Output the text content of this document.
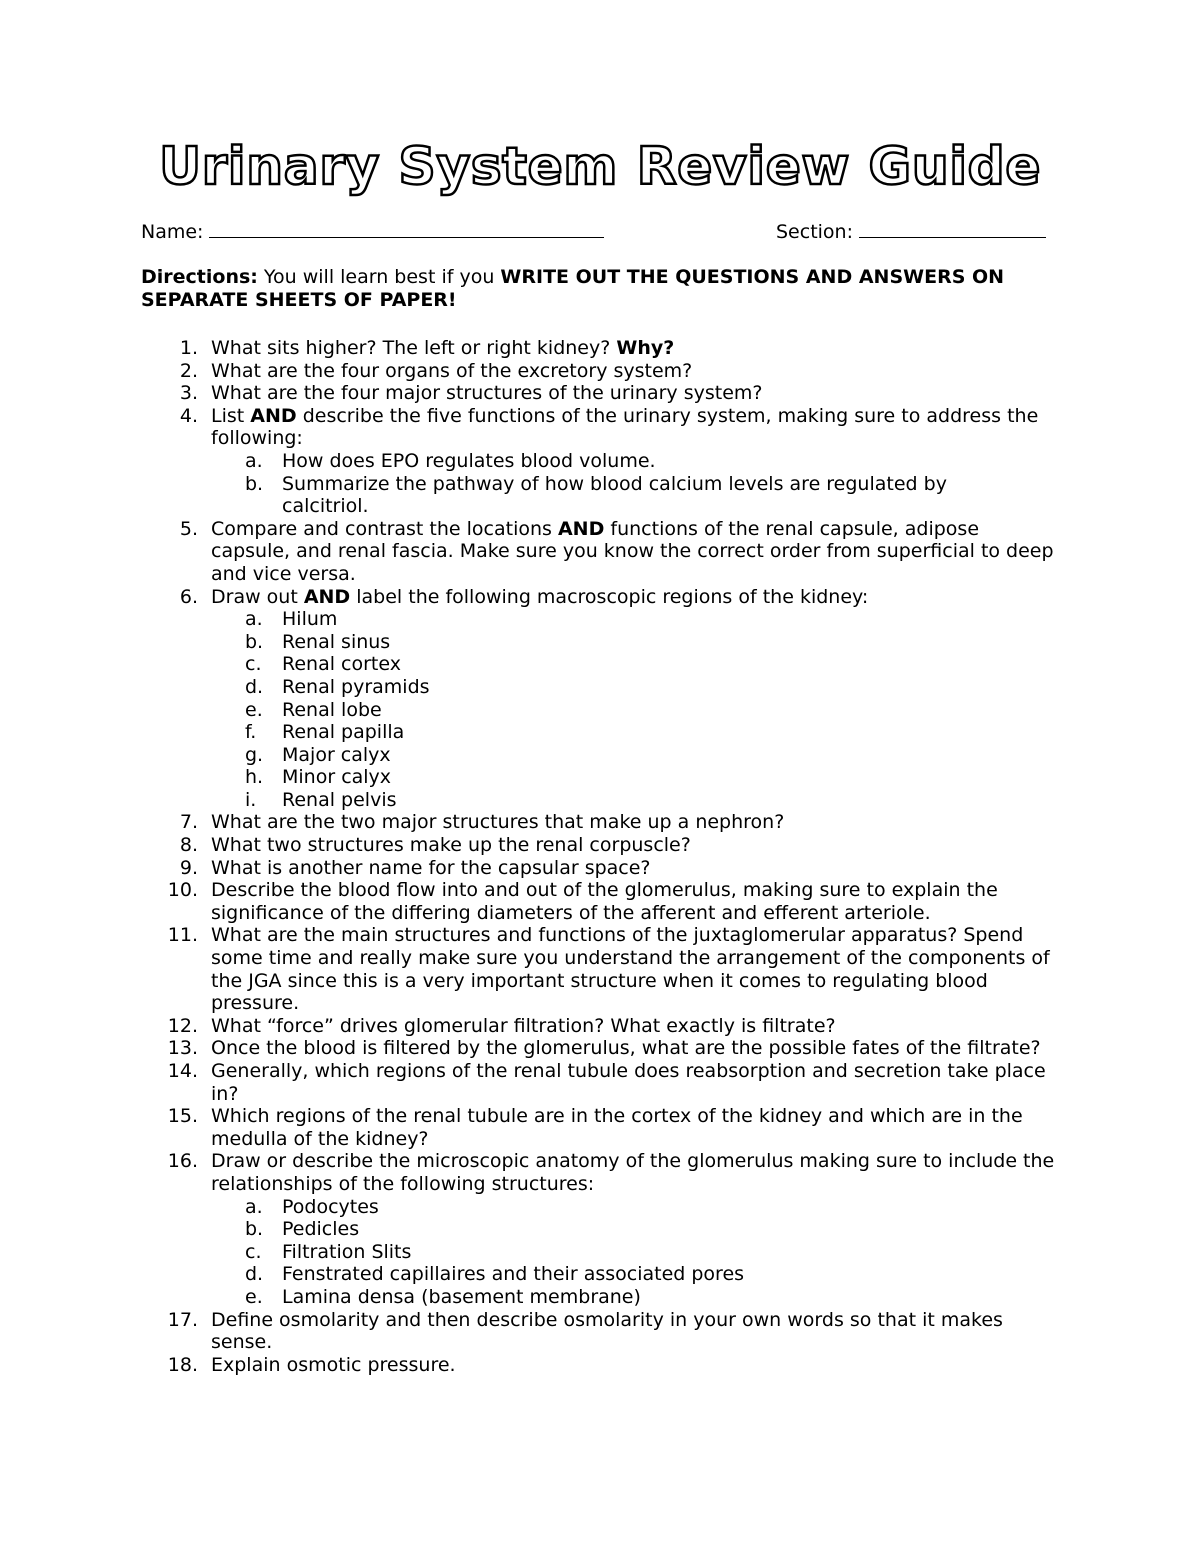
Urinary System Review Guide
Name:	Section:
Directions: You will learn best if you WRITE OUT THE QUESTIONS AND ANSWERS ON SEPARATE SHEETS OF PAPER!
1. What sits higher? The left or right kidney? Why?
2. What are the four organs of the excretory system?
3. What are the four major structures of the urinary system?
4. List AND describe the five functions of the urinary system, making sure to address the following:
a.	How does EPO regulates blood volume.
b. Summarize the pathway of how blood calcium levels are regulated by calcitriol.
5. Compare and contrast the locations AND functions of the renal capsule, adipose capsule, and renal fascia. Make sure you know the correct order from superficial to deep and vice versa.
6. Draw out AND label the following macroscopic regions of the kidney:
a.	Hilum
b. Renal sinus
c.	Renal cortex
d. Renal pyramids
e.	Renal lobe
f.	Renal papilla
g. Major calyx
h. Minor calyx
i.	Renal pelvis
7. What are the two major structures that make up a nephron?
8. What two structures make up the renal corpuscle?
9. What is another name for the capsular space?
10. Describe the blood flow into and out of the glomerulus, making sure to explain the significance of the differing diameters of the afferent and efferent arteriole.
11. What are the main structures and functions of the juxtaglomerular apparatus? Spend some time and really make sure you understand the arrangement of the components of the JGA since this is a very important structure when it comes to regulating blood pressure.
12. What “force” drives glomerular filtration? What exactly is filtrate?
13. Once the blood is filtered by the glomerulus, what are the possible fates of the filtrate?
14. Generally, which regions of the renal tubule does reabsorption and secretion take place in?
15. Which regions of the renal tubule are in the cortex of the kidney and which are in the medulla of the kidney?
16. Draw or describe the microscopic anatomy of the glomerulus making sure to include the relationships of the following structures:
a.	Podocytes
b. Pedicles
c.	Filtration Slits
d. Fenstrated capillaires and their associated pores
e.	Lamina densa (basement membrane)
17. Define osmolarity and then describe osmolarity in your own words so that it makes sense.
18. Explain osmotic pressure.
